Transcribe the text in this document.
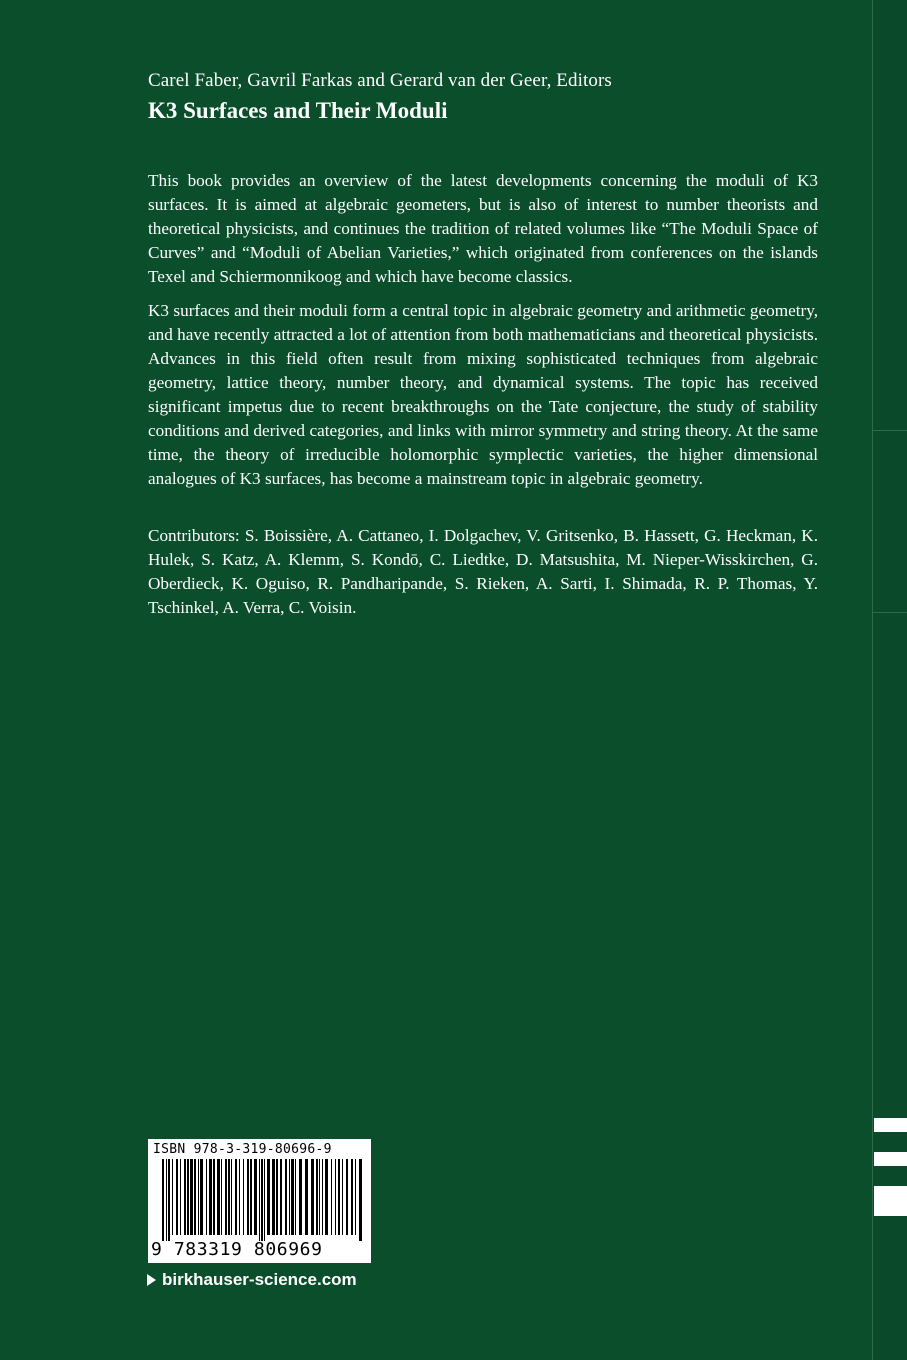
Carel Faber, Gavril Farkas and Gerard van der Geer, Editors
K3 Surfaces and Their Moduli

This book provides an overview of the latest developments concerning the moduli of K3 surfaces. It is aimed at algebraic geometers, but is also of interest to number theorists and theoretical physicists, and continues the tradition of related volumes like “The Moduli Space of Curves” and “Moduli of Abelian Varieties,” which originated from conferences on the islands Texel and Schiermonnikoog and which have become classics.

K3 surfaces and their moduli form a central topic in algebraic geometry and arithmetic geometry, and have recently attracted a lot of attention from both mathematicians and theoretical physicists. Advances in this field often result from mixing sophisticated techniques from algebraic geometry, lattice theory, number theory, and dynamical systems. The topic has received significant impetus due to recent breakthroughs on the Tate conjecture, the study of stability conditions and derived categories, and links with mirror symmetry and string theory. At the same time, the theory of irreducible holomorphic symplectic varieties, the higher dimensional analogues of K3 surfaces, has become a mainstream topic in algebraic geometry.

Contributors: S. Boissière, A. Cattaneo, I. Dolgachev, V. Gritsenko, B. Hassett, G. Heckman, K. Hulek, S. Katz, A. Klemm, S. Kondō, C. Liedtke, D. Matsushita, M. Nieper-Wisskirchen, G. Oberdieck, K. Oguiso, R. Pandharipande, S. Rieken, A. Sarti, I. Shimada, R. P. Thomas, Y. Tschinkel, A. Verra, C. Voisin.

ISBN 978-3-319-80696-9
9 783319 806969
birkhauser-science.com
